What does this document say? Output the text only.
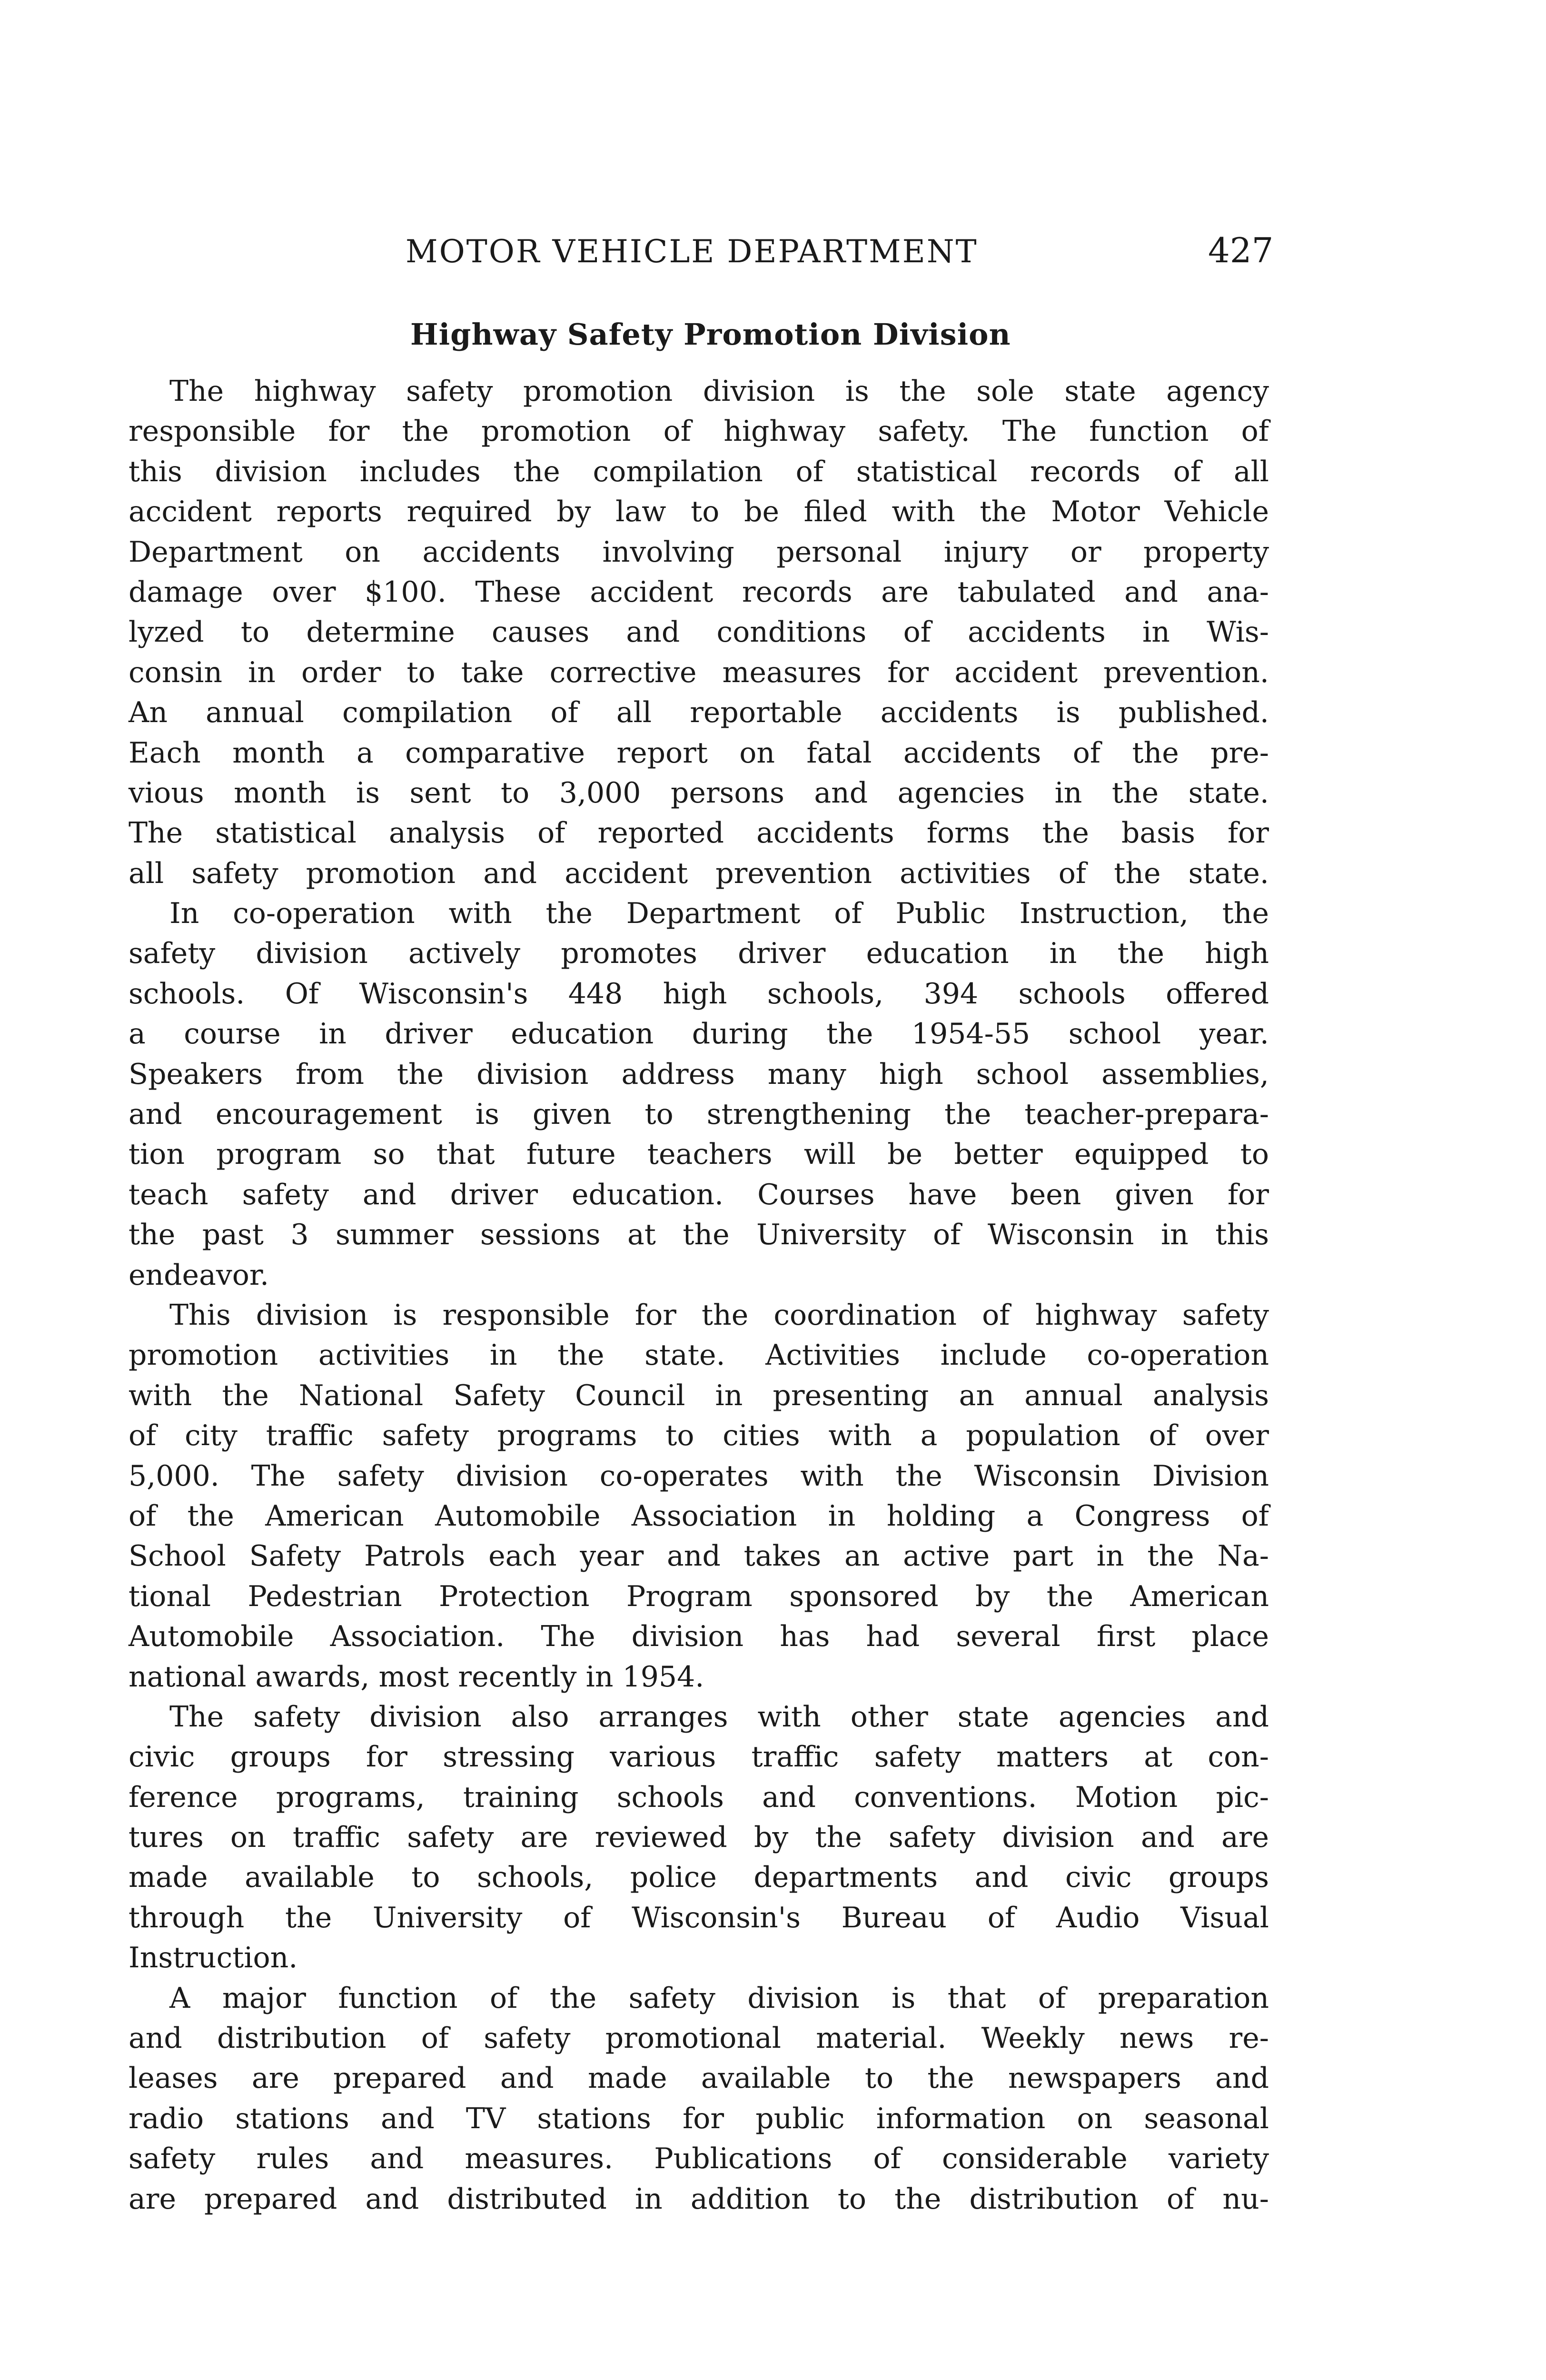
MOTOR VEHICLE DEPARTMENT	427
Highway Safety Promotion Division
The highway safety promotion division is the sole state agency
responsible for the promotion of highway safety. The function of
this division includes the compilation of statistical records of all
accident reports required by law to be filed with the Motor Vehicle
Department on accidents involving personal injury or property
damage over $100. These accident records are tabulated and ana-
lyzed to determine causes and conditions of accidents in Wis-
consin in order to take corrective measures for accident prevention.
An annual compilation of all reportable accidents is published.
Each month a comparative report on fatal accidents of the pre-
vious month is sent to 3,000 persons and agencies in the state.
The statistical analysis of reported accidents forms the basis for
all safety promotion and accident prevention activities of the state.
In co-operation with the Department of Public Instruction, the
safety division actively promotes driver education in the high
schools. Of Wisconsin's 448 high schools, 394 schools offered
a course in driver education during the 1954-55 school year.
Speakers from the division address many high school assemblies,
and encouragement is given to strengthening the teacher-prepara-
tion program so that future teachers will be better equipped to
teach safety and driver education. Courses have been given for
the past 3 summer sessions at the University of Wisconsin in this
endeavor.
This division is responsible for the coordination of highway safety
promotion activities in the state. Activities include co-operation
with the National Safety Council in presenting an annual analysis
of city traffic safety programs to cities with a population of over
5,000. The safety division co-operates with the Wisconsin Division
of the American Automobile Association in holding a Congress of
School Safety Patrols each year and takes an active part in the Na-
tional Pedestrian Protection Program sponsored by the American
Automobile Association. The division has had several first place
national awards, most recently in 1954.
The safety division also arranges with other state agencies and
civic groups for stressing various traffic safety matters at con-
ference programs, training schools and conventions. Motion pic-
tures on traffic safety are reviewed by the safety division and are
made available to schools, police departments and civic groups
through the University of Wisconsin's Bureau of Audio Visual
Instruction.
A major function of the safety division is that of preparation
and distribution of safety promotional material. Weekly news re-
leases are prepared and made available to the newspapers and
radio stations and TV stations for public information on seasonal
safety rules and measures. Publications of considerable variety
are prepared and distributed in addition to the distribution of nu-
